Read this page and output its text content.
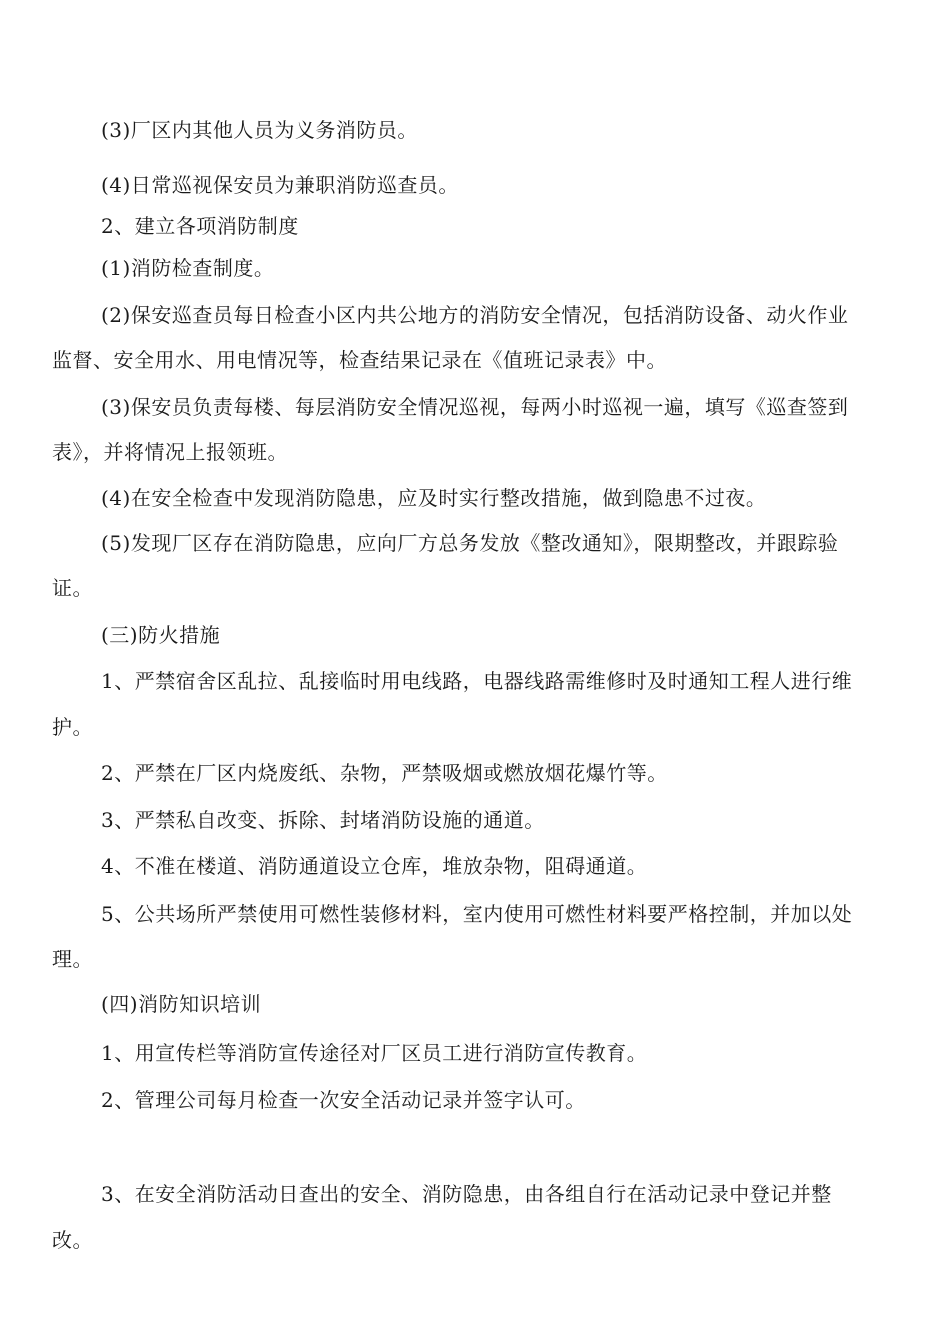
(3)厂区内其他人员为义务消防员。
(4)日常巡视保安员为兼职消防巡查员。
2、建立各项消防制度
(1)消防检查制度。
(2)保安巡查员每日检查小区内共公地方的消防安全情况，包括消防设备、动火作业
监督、安全用水、用电情况等，检查结果记录在《值班记录表》中。
(3)保安员负责每楼、每层消防安全情况巡视，每两小时巡视一遍，填写《巡查签到
表》，并将情况上报领班。
(4)在安全检查中发现消防隐患，应及时实行整改措施，做到隐患不过夜。
(5)发现厂区存在消防隐患，应向厂方总务发放《整改通知》，限期整改，并跟踪验
证。
(三)防火措施
1、严禁宿舍区乱拉、乱接临时用电线路，电器线路需维修时及时通知工程人进行维
护。
2、严禁在厂区内烧废纸、杂物，严禁吸烟或燃放烟花爆竹等。
3、严禁私自改变、拆除、封堵消防设施的通道。
4、不准在楼道、消防通道设立仓库，堆放杂物，阻碍通道。
5、公共场所严禁使用可燃性装修材料，室内使用可燃性材料要严格控制，并加以处
理。
(四)消防知识培训
1、用宣传栏等消防宣传途径对厂区员工进行消防宣传教育。
2、管理公司每月检查一次安全活动记录并签字认可。
3、在安全消防活动日查出的安全、消防隐患，由各组自行在活动记录中登记并整
改。
